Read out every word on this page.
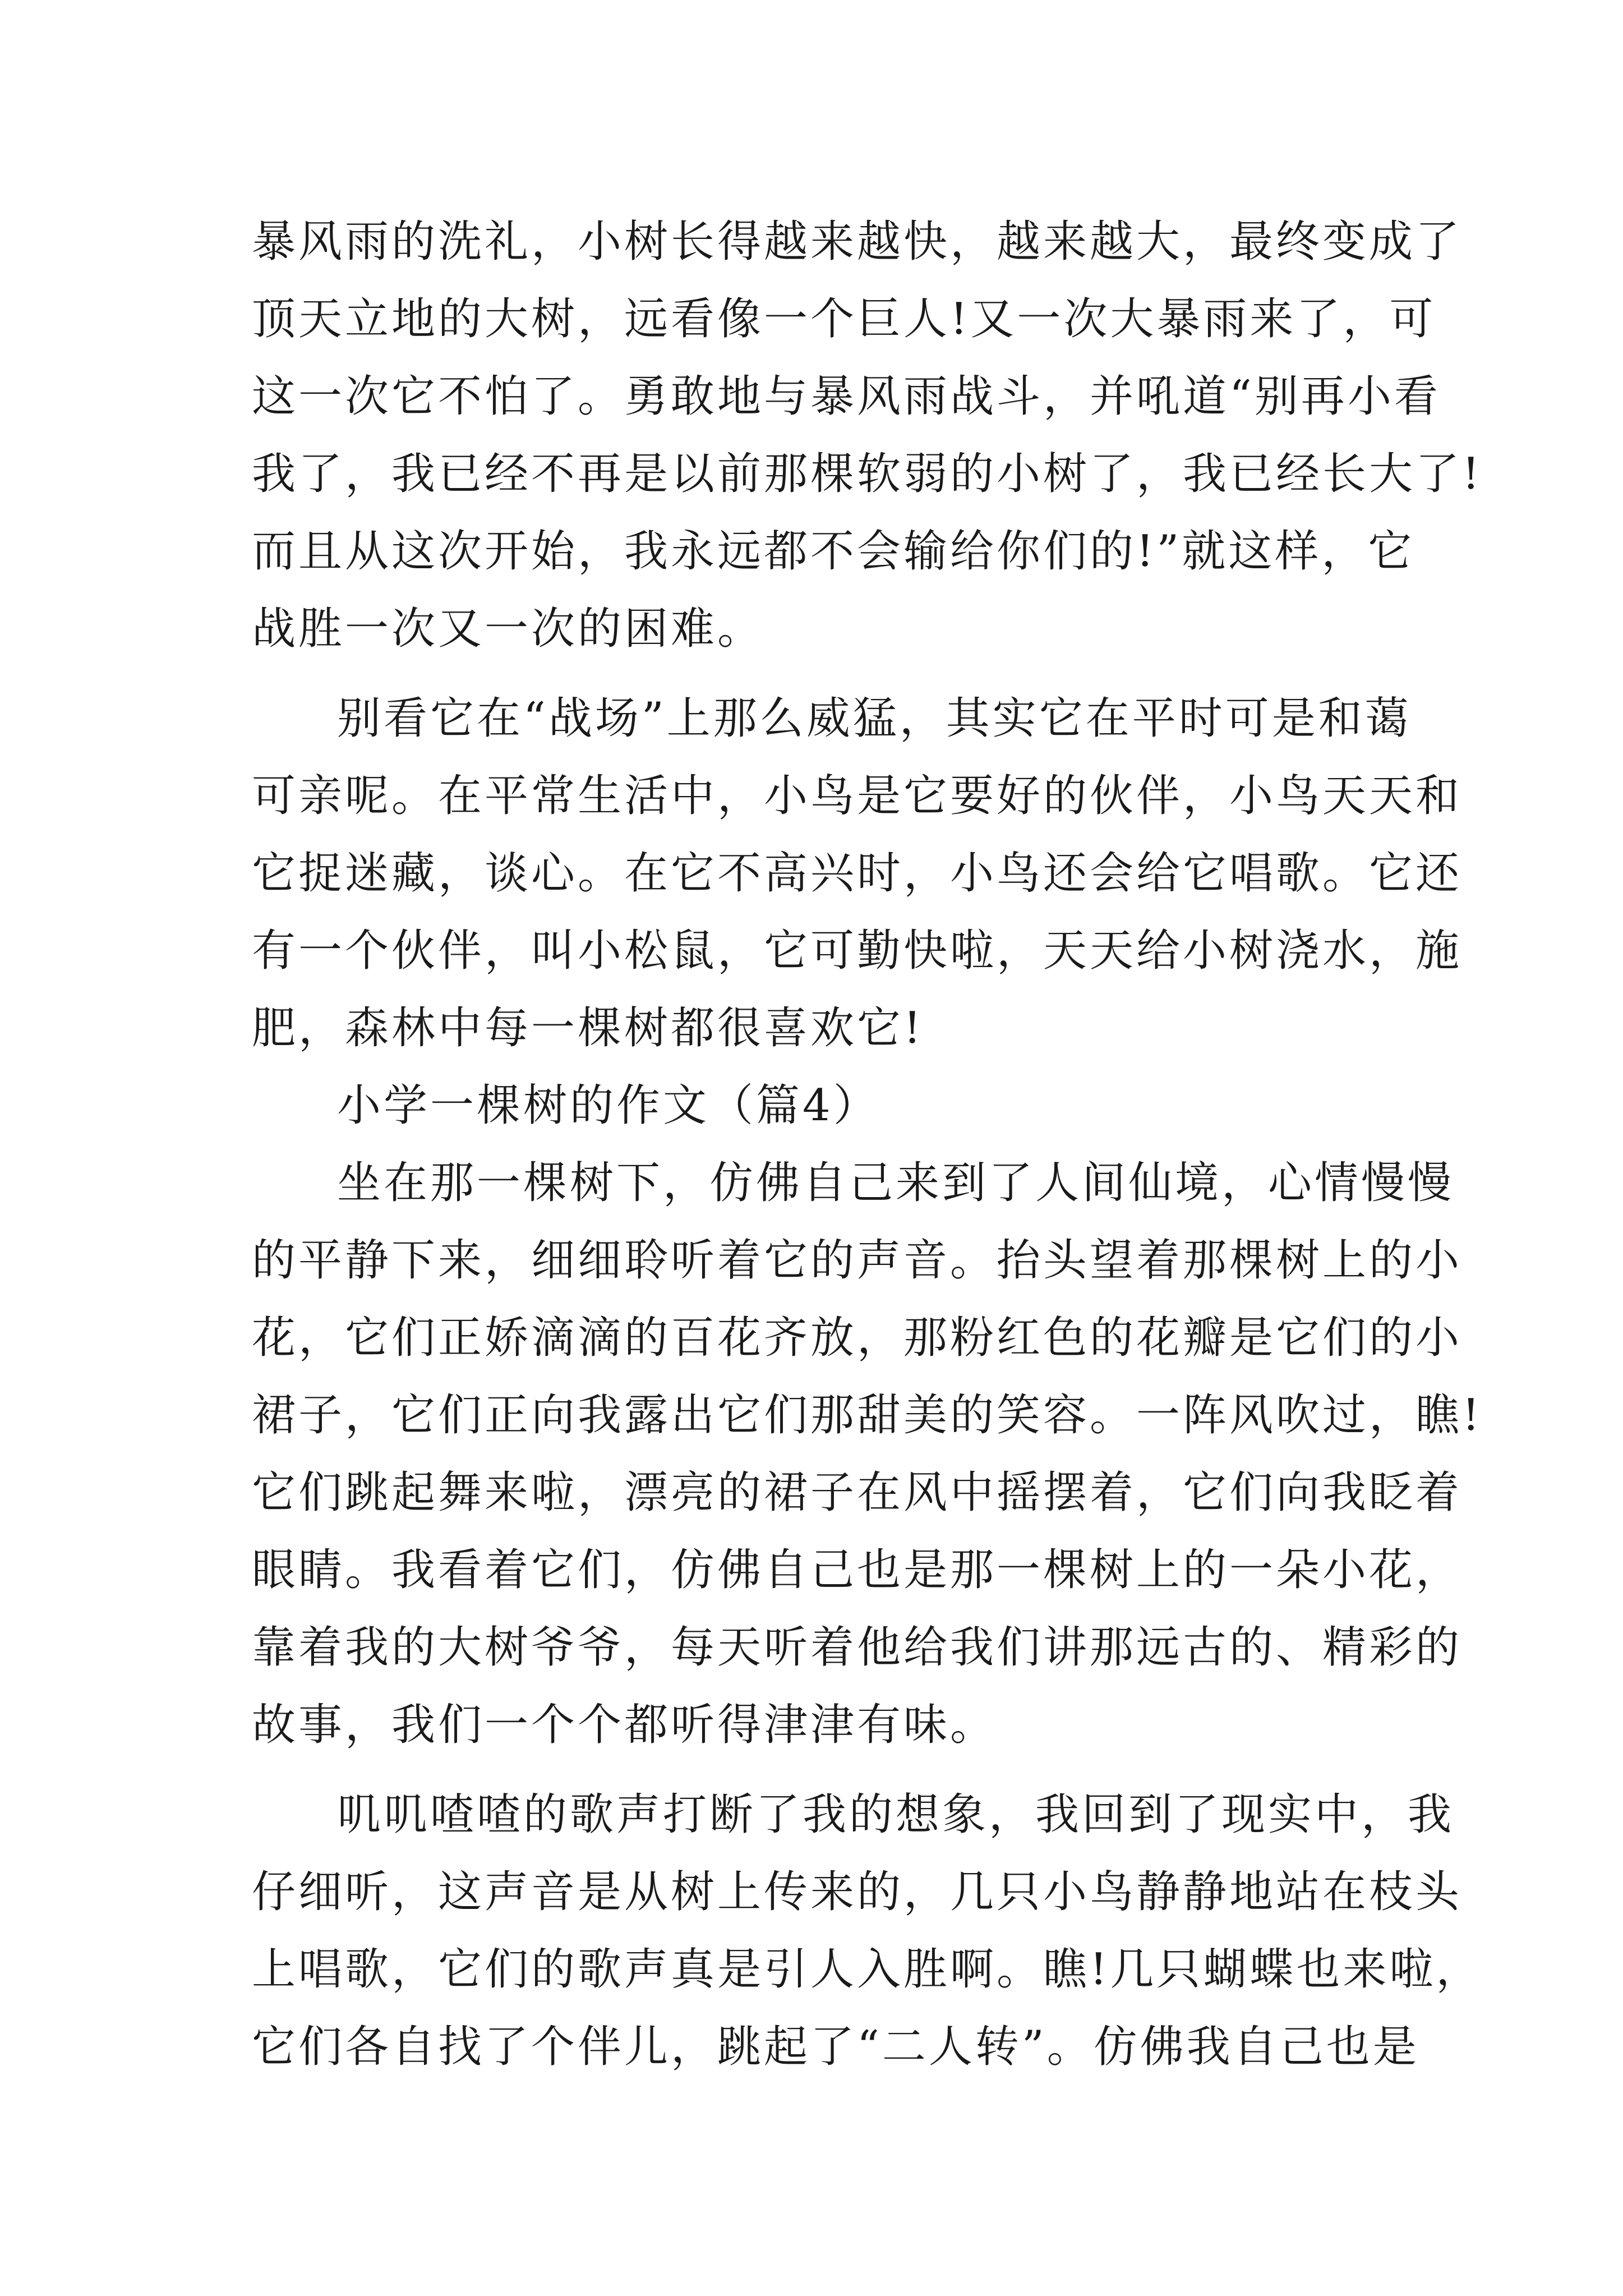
暴风雨的洗礼，小树长得越来越快，越来越大，最终变成了
顶天立地的大树，远看像一个巨人!又一次大暴雨来了，可
这一次它不怕了。勇敢地与暴风雨战斗，并吼道“别再小看
我了，我已经不再是以前那棵软弱的小树了，我已经长大了!
而且从这次开始，我永远都不会输给你们的!”就这样，它
战胜一次又一次的困难。
别看它在“战场”上那么威猛，其实它在平时可是和蔼
可亲呢。在平常生活中，小鸟是它要好的伙伴，小鸟天天和
它捉迷藏，谈心。在它不高兴时，小鸟还会给它唱歌。它还
有一个伙伴，叫小松鼠，它可勤快啦，天天给小树浇水，施
肥，森林中每一棵树都很喜欢它!
小学一棵树的作文（篇4）
坐在那一棵树下，仿佛自己来到了人间仙境，心情慢慢
的平静下来，细细聆听着它的声音。抬头望着那棵树上的小
花，它们正娇滴滴的百花齐放，那粉红色的花瓣是它们的小
裙子，它们正向我露出它们那甜美的笑容。一阵风吹过，瞧!
它们跳起舞来啦，漂亮的裙子在风中摇摆着，它们向我眨着
眼睛。我看着它们，仿佛自己也是那一棵树上的一朵小花，
靠着我的大树爷爷，每天听着他给我们讲那远古的、精彩的
故事，我们一个个都听得津津有味。
叽叽喳喳的歌声打断了我的想象，我回到了现实中，我
仔细听，这声音是从树上传来的，几只小鸟静静地站在枝头
上唱歌，它们的歌声真是引人入胜啊。瞧!几只蝴蝶也来啦，
它们各自找了个伴儿，跳起了“二人转”。仿佛我自己也是
